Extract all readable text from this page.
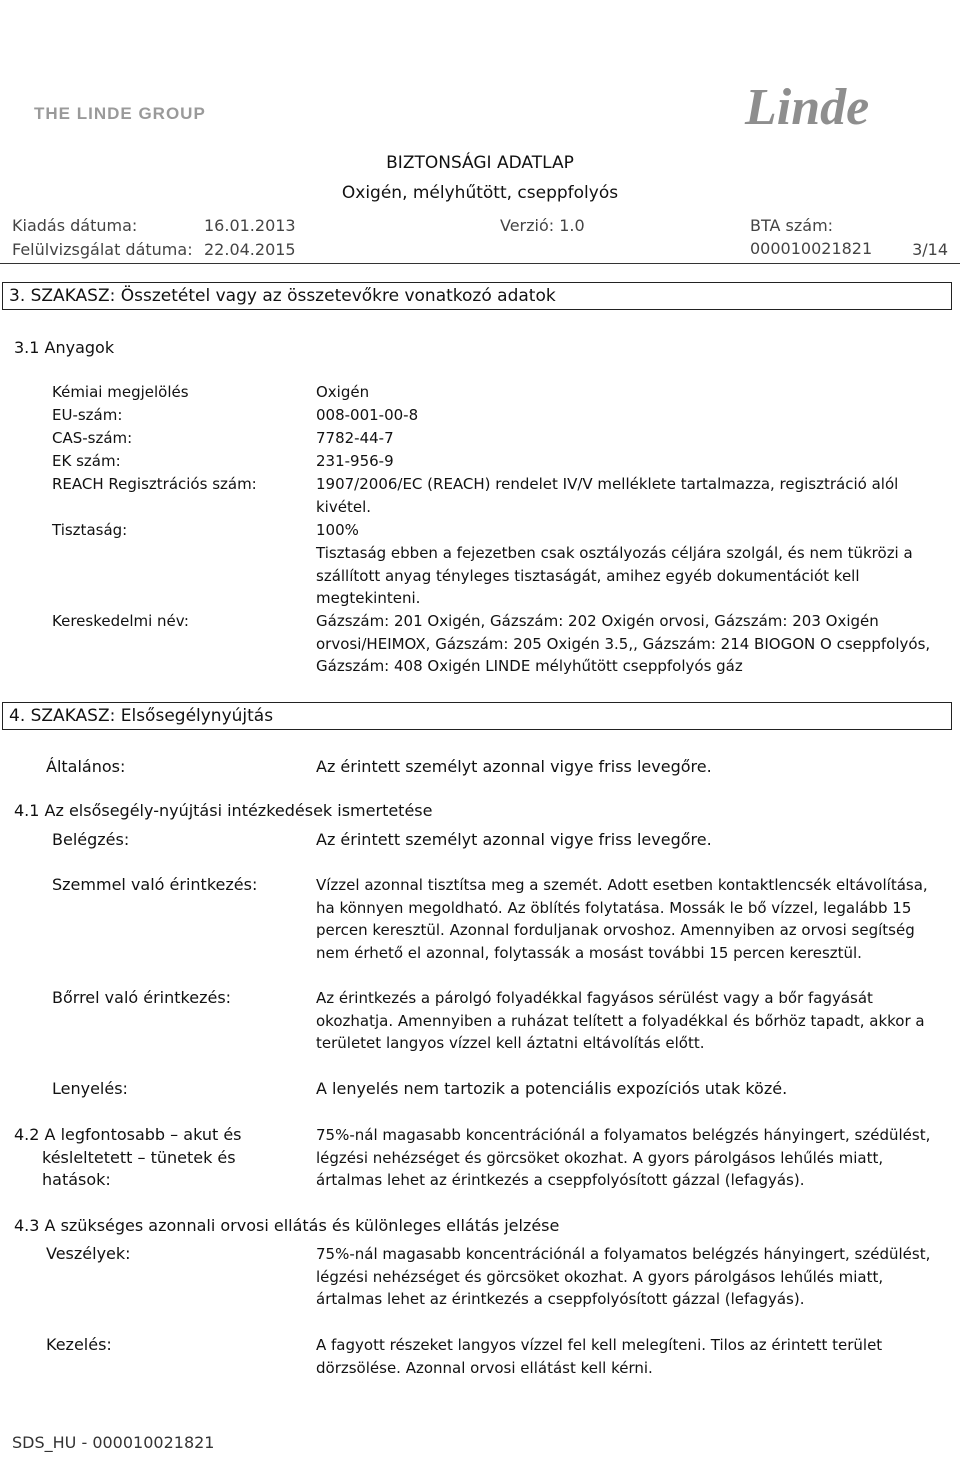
THE LINDE GROUP	Linde
BIZTONSÁGI ADATLAP
Oxigén, mélyhűtött, cseppfolyós
Kiadás dátuma:	16.01.2013	Verzió: 1.0	BTA szám: 000010021821
Felülvizsgálat dátuma: 22.04.2015	3/14
3. SZAKASZ: Összetétel vagy az összetevőkre vonatkozó adatok
3.1 Anyagok
Kémiai megjelölés	Oxigén
EU-szám:	008-001-00-8
CAS-szám:	7782-44-7
EK szám:	231-956-9
REACH Regisztrációs szám:	1907/2006/EC (REACH) rendelet IV/V melléklete tartalmazza, regisztráció alól kivétel.
Tisztaság:	100%
Tisztaság ebben a fejezetben csak osztályozás céljára szolgál, és nem tükrözi a szállított anyag tényleges tisztaságát, amihez egyéb dokumentációt kell megtekinteni.
Kereskedelmi név:	Gázszám: 201 Oxigén, Gázszám: 202 Oxigén orvosi, Gázszám: 203 Oxigén orvosi/HEIMOX, Gázszám: 205 Oxigén 3.5,, Gázszám: 214 BIOGON O cseppfolyós, Gázszám: 408 Oxigén LINDE mélyhűtött cseppfolyós gáz
4. SZAKASZ: Elsősegélynyújtás
Általános:	Az érintett személyt azonnal vigye friss levegőre.
4.1 Az elsősegély-nyújtási intézkedések ismertetése
Belégzés:	Az érintett személyt azonnal vigye friss levegőre.
Szemmel való érintkezés:	Vízzel azonnal tisztítsa meg a szemét. Adott esetben kontaktlencsék eltávolítása, ha könnyen megoldható. Az öblítés folytatása. Mossák le bő vízzel, legalább 15 percen keresztül. Azonnal forduljanak orvoshoz. Amennyiben az orvosi segítség nem érhető el azonnal, folytassák a mosást további 15 percen keresztül.
Bőrrel való érintkezés:	Az érintkezés a párolgó folyadékkal fagyásos sérülést vagy a bőr fagyását okozhatja. Amennyiben a ruházat telített a folyadékkal és bőrhöz tapadt, akkor a területet langyos vízzel kell áztatni eltávolítás előtt.
Lenyelés:	A lenyelés nem tartozik a potenciális expozíciós utak közé.
4.2 A legfontosabb – akut és késleltetett – tünetek és hatások:
75%-nál magasabb koncentrációnál a folyamatos belégzés hányingert, szédülést, légzési nehézséget és görcsöket okozhat. A gyors párolgásos lehűlés miatt, ártalmas lehet az érintkezés a cseppfolyósított gázzal (lefagyás).
4.3 A szükséges azonnali orvosi ellátás és különleges ellátás jelzése
Veszélyek:	75%-nál magasabb koncentrációnál a folyamatos belégzés hányingert, szédülést, légzési nehézséget és görcsöket okozhat. A gyors párolgásos lehűlés miatt, ártalmas lehet az érintkezés a cseppfolyósított gázzal (lefagyás).
Kezelés:	A fagyott részeket langyos vízzel fel kell melegíteni. Tilos az érintett terület dörzsölése. Azonnal orvosi ellátást kell kérni.
SDS_HU - 000010021821
